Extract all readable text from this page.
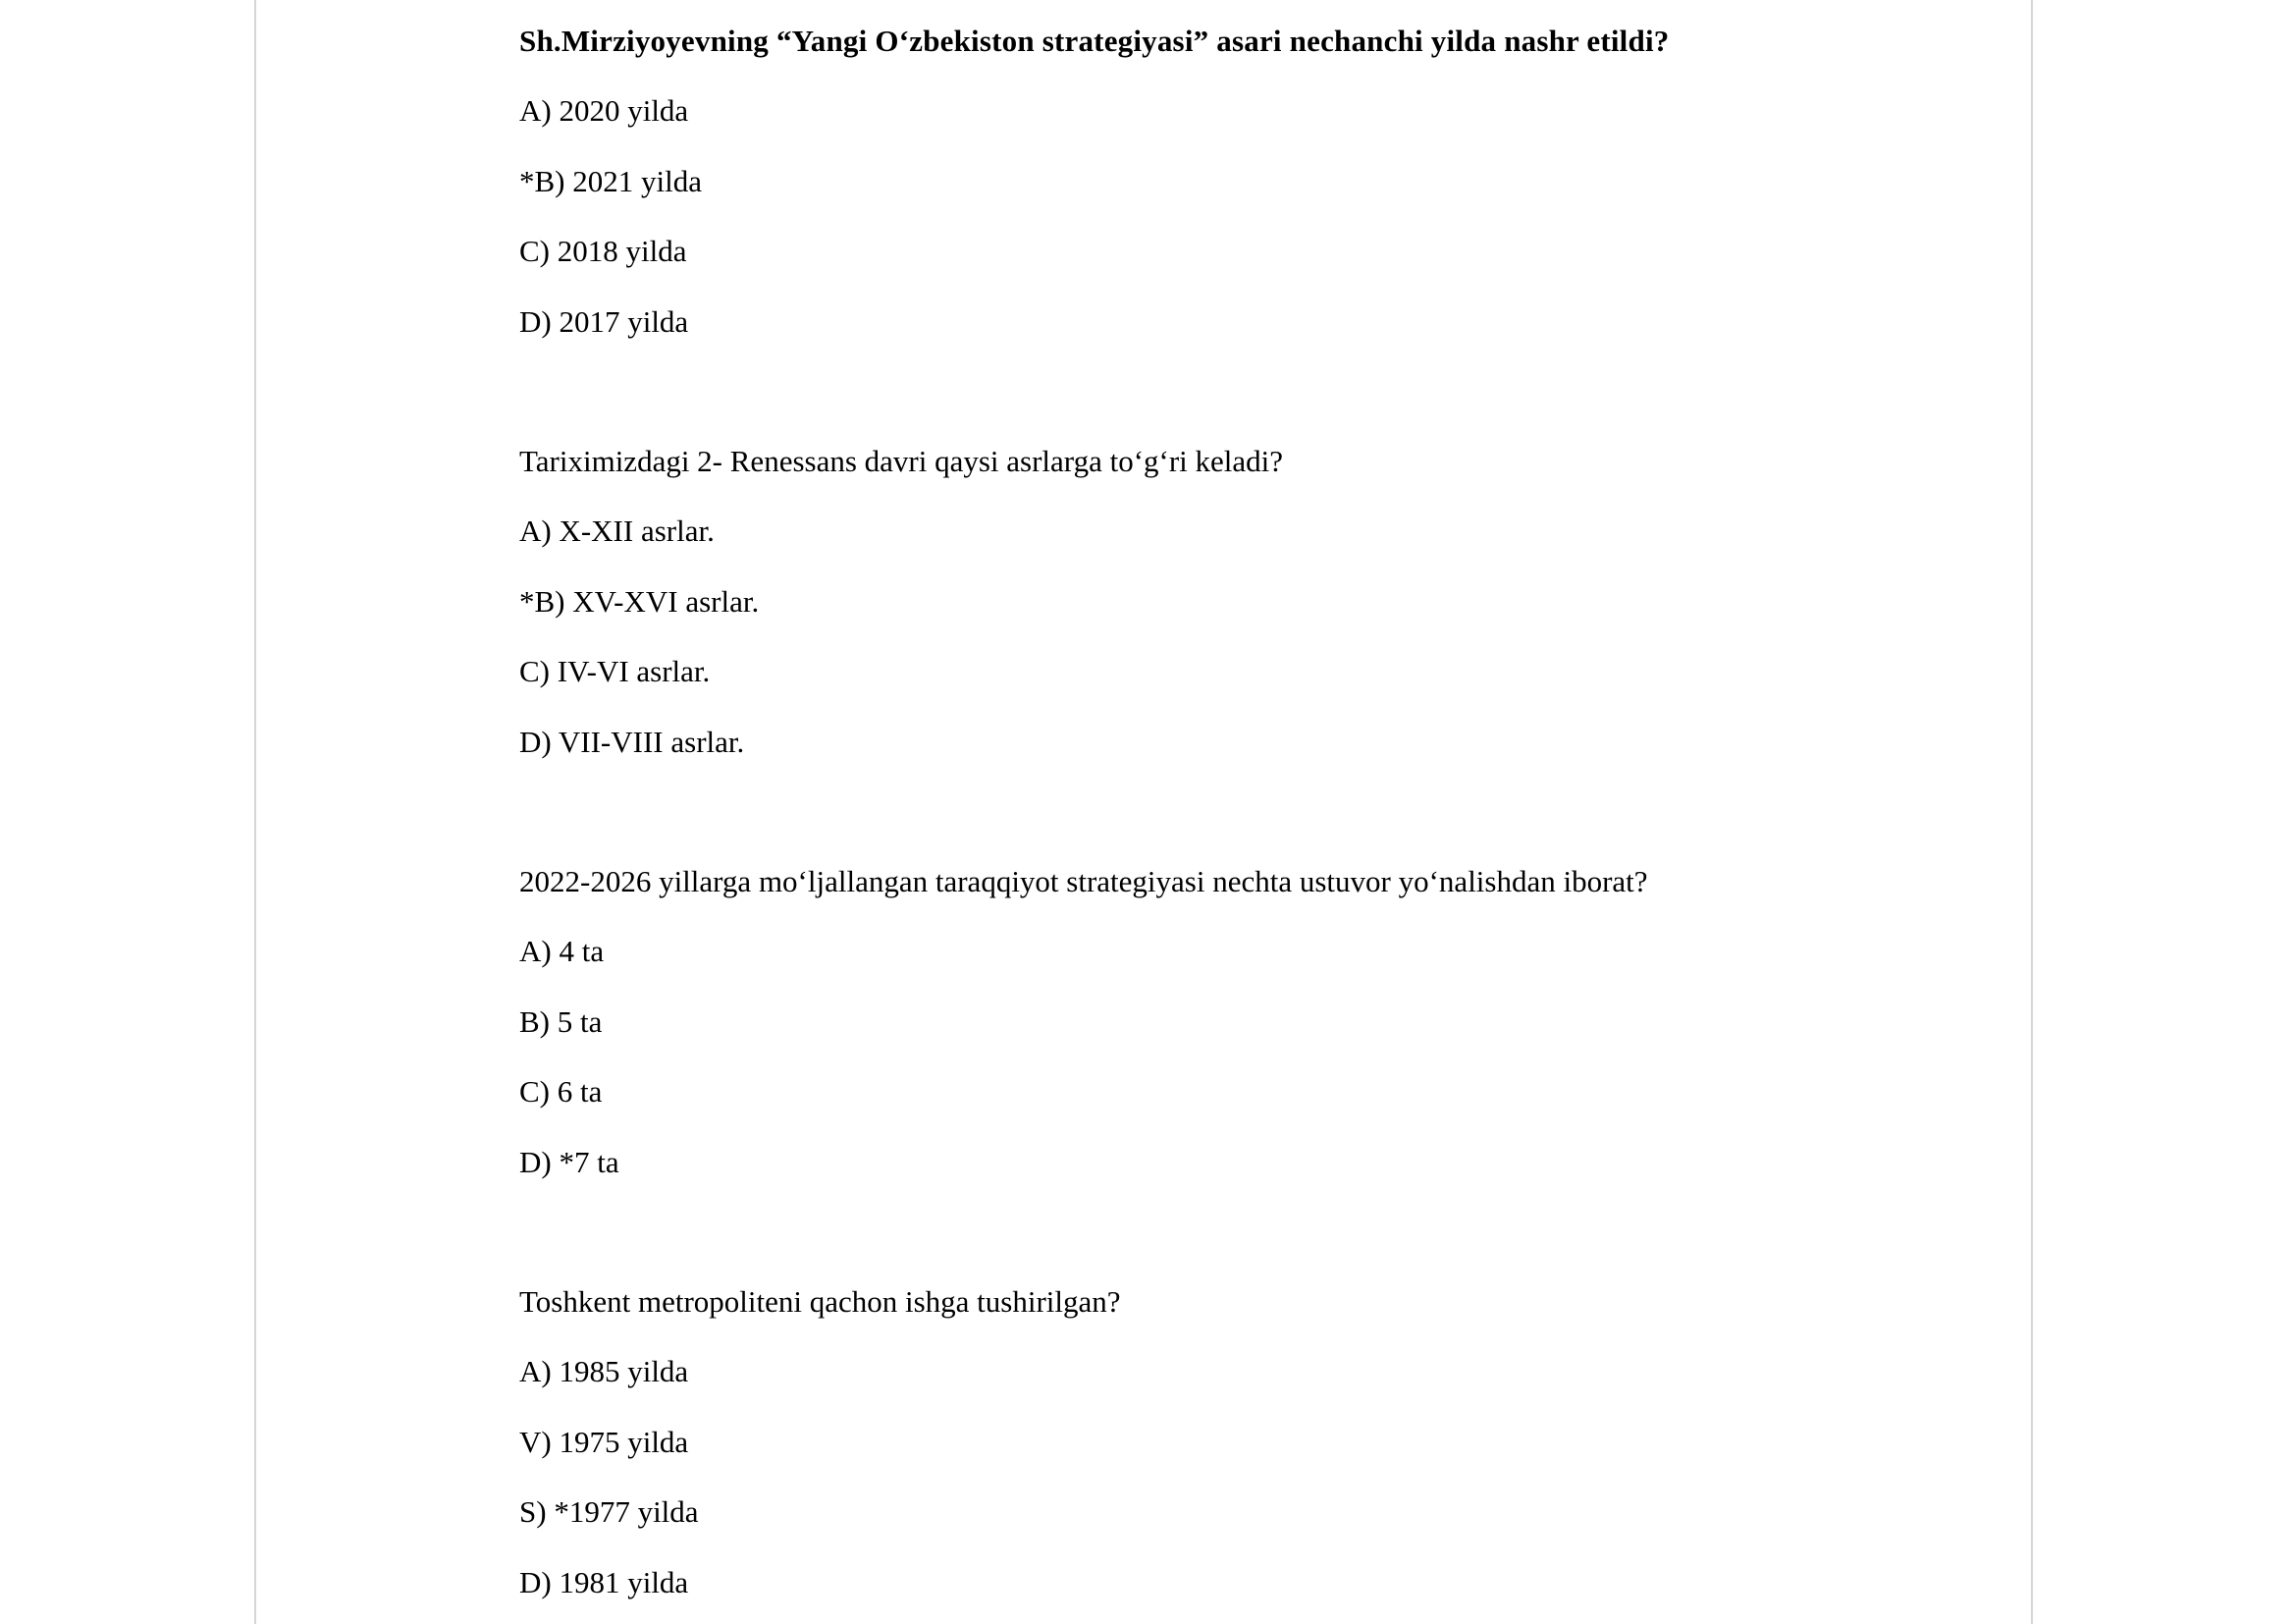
Sh.Mirziyoyevning “Yangi O‘zbekiston strategiyasi” asari nechanchi yilda nashr etildi?

A) 2020 yilda
*B) 2021 yilda
C) 2018 yilda
D) 2017 yilda

Tariximizdagi 2- Renessans davri qaysi asrlarga to‘g‘ri keladi?

A) X-XII asrlar.
*B) XV-XVI asrlar.
C) IV-VI asrlar.
D) VII-VIII asrlar.

2022-2026 yillarga mo‘ljallangan taraqqiyot strategiyasi nechta ustuvor yo‘nalishdan iborat?

A) 4 ta
B) 5 ta
C) 6 ta
D) *7 ta

Toshkent metropoliteni qachon ishga tushirilgan?

A) 1985 yilda
V) 1975 yilda
S) *1977 yilda
D) 1981 yilda
